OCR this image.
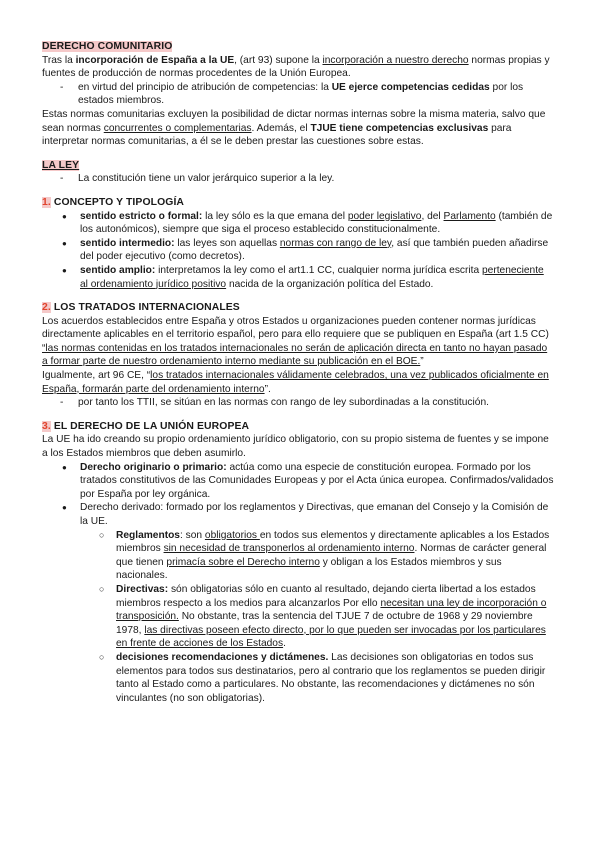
DERECHO COMUNITARIO

Tras la incorporación de España a la UE, (art 93) supone la incorporación a nuestro derecho normas propias y fuentes de producción de normas procedentes de la Unión Europea.

- en virtud del principio de atribución de competencias: la UE ejerce competencias cedidas por los estados miembros.

Estas normas comunitarias excluyen la posibilidad de dictar normas internas sobre la misma materia, salvo que sean normas concurrentes o complementarias. Además, el TJUE tiene competencias exclusivas para interpretar normas comunitarias, a él se le deben prestar las cuestiones sobre estas.

LA LEY

- La constitución tiene un valor jerárquico superior a la ley.

1. CONCEPTO Y TIPOLOGÍA

● sentido estricto o formal: la ley sólo es la que emana del poder legislativo, del Parlamento (también de los autonómicos), siempre que siga el proceso establecido constitucionalmente.

● sentido intermedio: las leyes son aquellas normas con rango de ley, así que también pueden añadirse del poder ejecutivo (como decretos).

● sentido amplio: interpretamos la ley como el art1.1 CC, cualquier norma jurídica escrita perteneciente al ordenamiento jurídico positivo nacida de la organización política del Estado.

2. LOS TRATADOS INTERNACIONALES

Los acuerdos establecidos entre España y otros Estados u organizaciones pueden contener normas jurídicas directamente aplicables en el territorio español, pero para ello requiere que se publiquen en España (art 1.5 CC) “las normas contenidas en los tratados internacionales no serán de aplicación directa en tanto no hayan pasado a formar parte de nuestro ordenamiento interno mediante su publicación en el BOE.”

Igualmente, art 96 CE, “los tratados internacionales válidamente celebrados, una vez publicados oficialmente en España, formarán parte del ordenamiento interno”.

- por tanto los TTII, se sitúan en las normas con rango de ley subordinadas a la constitución.

3. EL DERECHO DE LA UNIÓN EUROPEA

La UE ha ido creando su propio ordenamiento jurídico obligatorio, con su propio sistema de fuentes y se impone a los Estados miembros que deben asumirlo.

● Derecho originario o primario: actúa como una especie de constitución europea. Formado por los tratados constitutivos de las Comunidades Europeas y por el Acta única europea. Confirmados/validados por España por ley orgánica.

● Derecho derivado: formado por los reglamentos y Directivas, que emanan del Consejo y la Comisión de la UE.

○ Reglamentos: son obligatorios en todos sus elementos y directamente aplicables a los Estados miembros sin necesidad de transponerlos al ordenamiento interno. Normas de carácter general que tienen primacía sobre el Derecho interno y obligan a los Estados miembros y sus nacionales.

○ Directivas: són obligatorias sólo en cuanto al resultado, dejando cierta libertad a los estados miembros respecto a los medios para alcanzarlos Por ello necesitan una ley de incorporación o transposición. No obstante, tras la sentencia del TJUE 7 de octubre de 1968 y 29 noviembre 1978, las directivas poseen efecto directo, por lo que pueden ser invocadas por los particulares en frente de acciones de los Estados.

○ decisiones recomendaciones y dictámenes. Las decisiones son obligatorias en todos sus elementos para todos sus destinatarios, pero al contrario que los reglamentos se pueden dirigir tanto al Estado como a particulares. No obstante, las recomendaciones y dictámenes no són vinculantes (no son obligatorias).
